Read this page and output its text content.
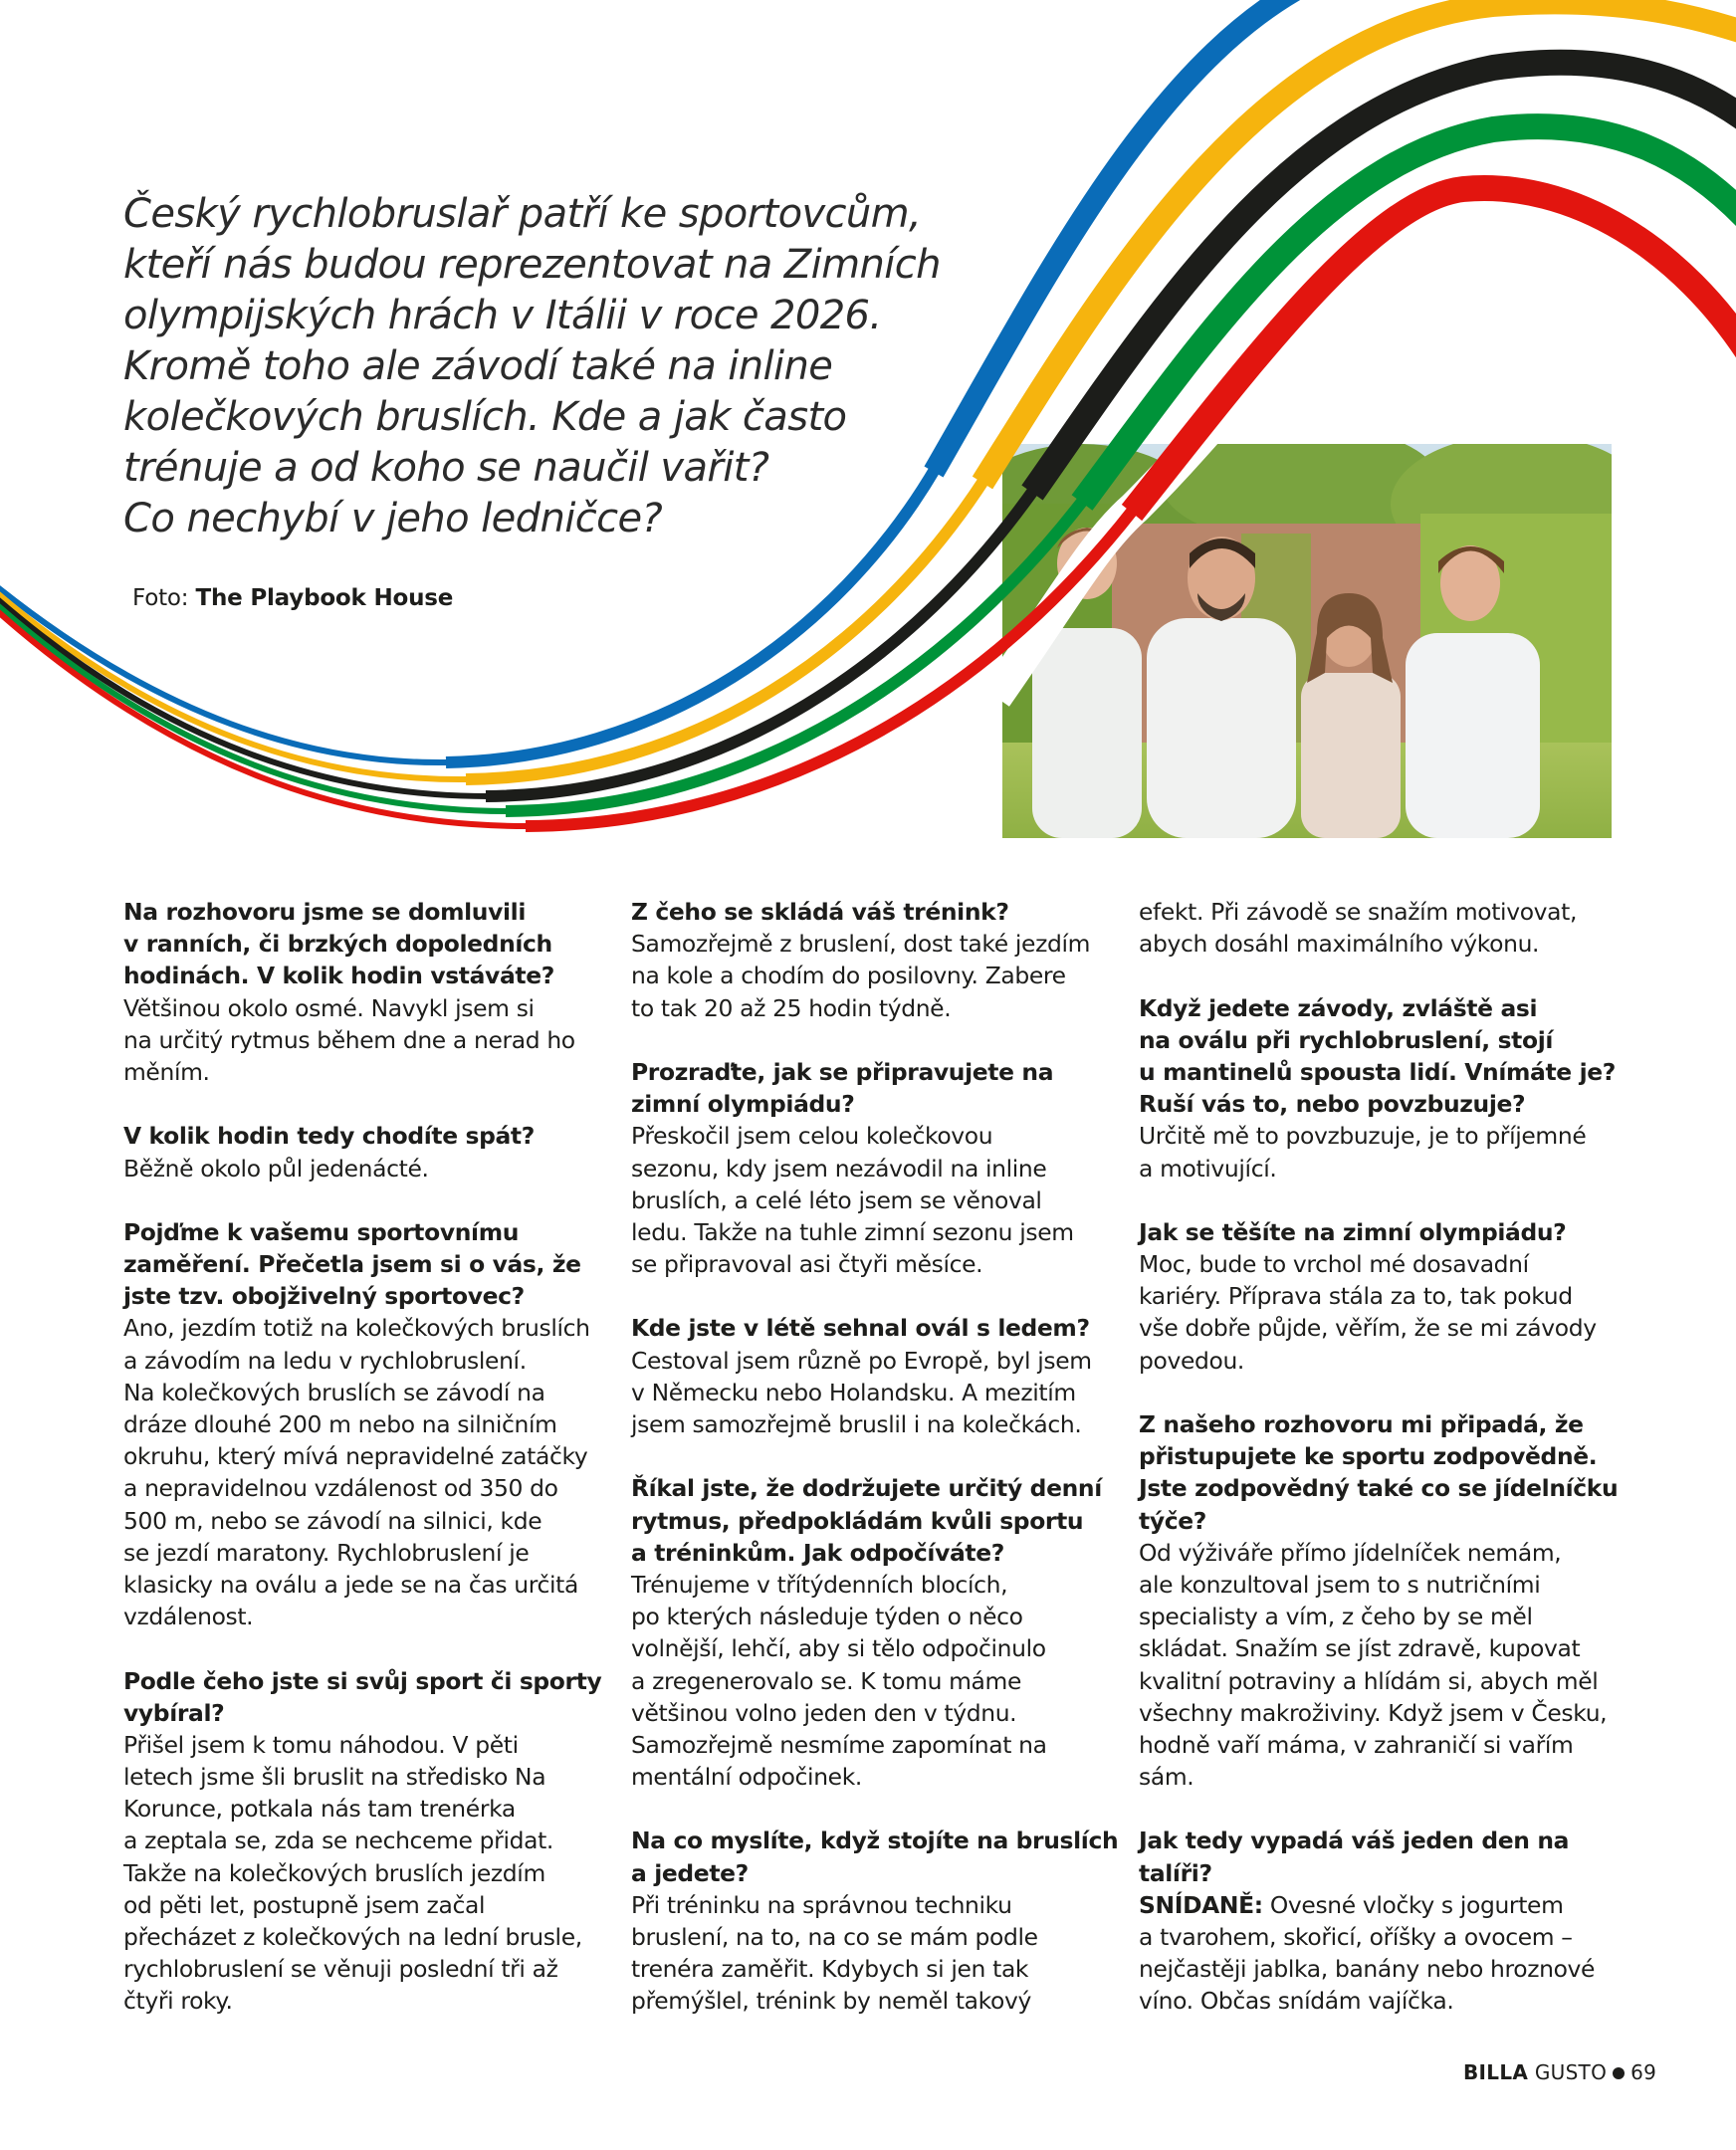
Český rychlobruslař patří ke sportovcům,
kteří nás budou reprezentovat na Zimních
olympijských hrách v Itálii v roce 2026.
Kromě toho ale závodí také na inline
kolečkových bruslích. Kde a jak často
trénuje a od koho se naučil vařit?
Co nechybí v jeho ledničce?
Foto: The Playbook House
Na rozhovoru jsme se domluvili
v ranních, či brzkých dopoledních
hodinách. V kolik hodin vstáváte?
Většinou okolo osmé. Navykl jsem si
na určitý rytmus během dne a nerad ho
měním.
V kolik hodin tedy chodíte spát?
Běžně okolo půl jedenácté.
Pojďme k vašemu sportovnímu
zaměření. Přečetla jsem si o vás, že
jste tzv. obojživelný sportovec?
Ano, jezdím totiž na kolečkových bruslích
a závodím na ledu v rychlobruslení.
Na kolečkových bruslích se závodí na
dráze dlouhé 200 m nebo na silničním
okruhu, který mívá nepravidelné zatáčky
a nepravidelnou vzdálenost od 350 do
500 m, nebo se závodí na silnici, kde
se jezdí maratony. Rychlobruslení je
klasicky na oválu a jede se na čas určitá
vzdálenost.
Podle čeho jste si svůj sport či sporty
vybíral?
Přišel jsem k tomu náhodou. V pěti
letech jsme šli bruslit na středisko Na
Korunce, potkala nás tam trenérka
a zeptala se, zda se nechceme přidat.
Takže na kolečkových bruslích jezdím
od pěti let, postupně jsem začal
přecházet z kolečkových na lední brusle,
rychlobruslení se věnuji poslední tři až
čtyři roky.
Z čeho se skládá váš trénink?
Samozřejmě z bruslení, dost také jezdím
na kole a chodím do posilovny. Zabere
to tak 20 až 25 hodin týdně.
Prozraďte, jak se připravujete na
zimní olympiádu?
Přeskočil jsem celou kolečkovou
sezonu, kdy jsem nezávodil na inline
bruslích, a celé léto jsem se věnoval
ledu. Takže na tuhle zimní sezonu jsem
se připravoval asi čtyři měsíce.
Kde jste v létě sehnal ovál s ledem?
Cestoval jsem různě po Evropě, byl jsem
v Německu nebo Holandsku. A mezitím
jsem samozřejmě bruslil i na kolečkách.
Říkal jste, že dodržujete určitý denní
rytmus, předpokládám kvůli sportu
a tréninkům. Jak odpočíváte?
Trénujeme v třítýdenních blocích,
po kterých následuje týden o něco
volnější, lehčí, aby si tělo odpočinulo
a zregenerovalo se. K tomu máme
většinou volno jeden den v týdnu.
Samozřejmě nesmíme zapomínat na
mentální odpočinek.
Na co myslíte, když stojíte na bruslích
a jedete?
Při tréninku na správnou techniku
bruslení, na to, na co se mám podle
trenéra zaměřit. Kdybych si jen tak
přemýšlel, trénink by neměl takový
efekt. Při závodě se snažím motivovat,
abych dosáhl maximálního výkonu.
Když jedete závody, zvláště asi
na oválu při rychlobruslení, stojí
u mantinelů spousta lidí. Vnímáte je?
Ruší vás to, nebo povzbuzuje?
Určitě mě to povzbuzuje, je to příjemné
a motivující.
Jak se těšíte na zimní olympiádu?
Moc, bude to vrchol mé dosavadní
kariéry. Příprava stála za to, tak pokud
vše dobře půjde, věřím, že se mi závody
povedou.
Z našeho rozhovoru mi připadá, že
přistupujete ke sportu zodpovědně.
Jste zodpovědný také co se jídelníčku
týče?
Od výživáře přímo jídelníček nemám,
ale konzultoval jsem to s nutričními
specialisty a vím, z čeho by se měl
skládat. Snažím se jíst zdravě, kupovat
kvalitní potraviny a hlídám si, abych měl
všechny makroživiny. Když jsem v Česku,
hodně vaří máma, v zahraničí si vařím
sám.
Jak tedy vypadá váš jeden den na
talíři?
SNÍDANĚ: Ovesné vločky s jogurtem
a tvarohem, skořicí, oříšky a ovocem –
nejčastěji jablka, banány nebo hroznové
víno. Občas snídám vajíčka.
BILLA GUSTO 69
